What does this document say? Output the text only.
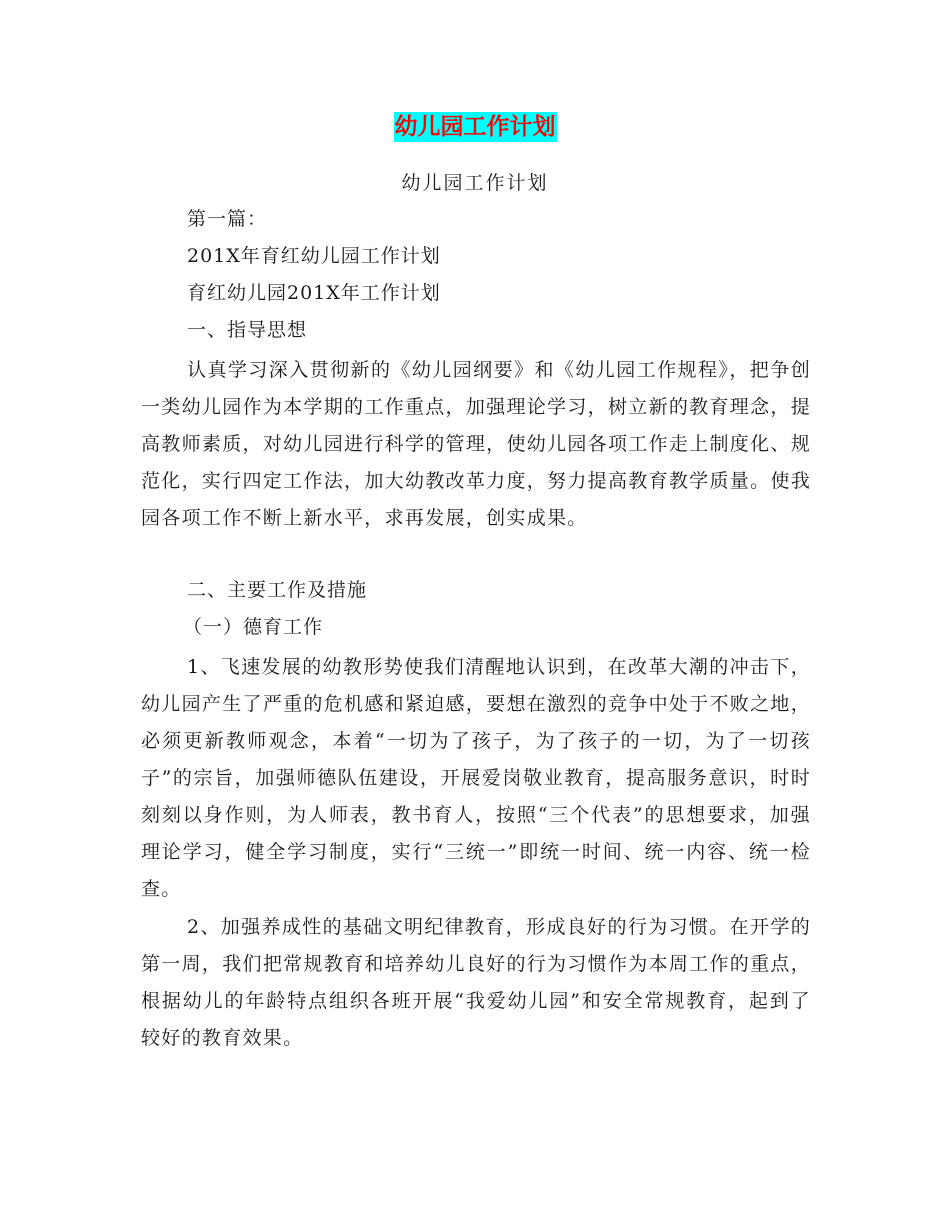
幼儿园工作计划
幼儿园工作计划
第一篇：
201X年育红幼儿园工作计划
育红幼儿园201X年工作计划
一、指导思想

认真学习深入贯彻新的《幼儿园纲要》和《幼儿园工作规程》，把争创一类幼儿园作为本学期的工作重点，加强理论学习，树立新的教育理念，提高教师素质，对幼儿园进行科学的管理，使幼儿园各项工作走上制度化、规范化，实行四定工作法，加大幼教改革力度，努力提高教育教学质量。使我园各项工作不断上新水平，求再发展，创实成果。

二、主要工作及措施
（一）德育工作

1、飞速发展的幼教形势使我们清醒地认识到，在改革大潮的冲击下，幼儿园产生了严重的危机感和紧迫感，要想在激烈的竞争中处于不败之地，必须更新教师观念，本着“一切为了孩子，为了孩子的一切，为了一切孩子”的宗旨，加强师德队伍建设，开展爱岗敬业教育，提高服务意识，时时刻刻以身作则，为人师表，教书育人，按照“三个代表”的思想要求，加强理论学习，健全学习制度，实行“三统一”即统一时间、统一内容、统一检查。

2、加强养成性的基础文明纪律教育，形成良好的行为习惯。在开学的第一周，我们把常规教育和培养幼儿良好的行为习惯作为本周工作的重点，根据幼儿的年龄特点组织各班开展“我爱幼儿园”和安全常规教育，起到了较好的教育效果。
